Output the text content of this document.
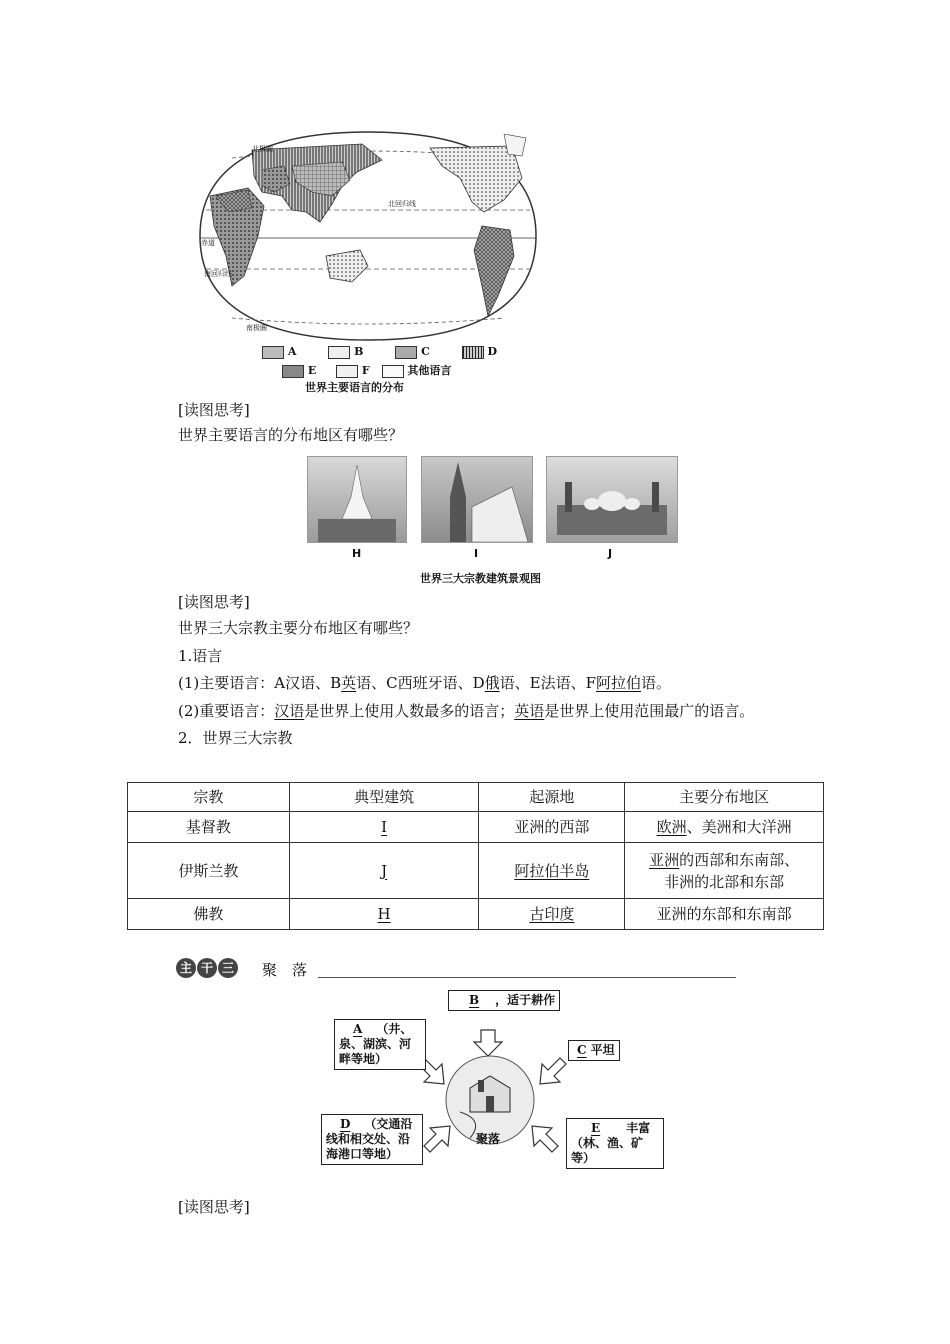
北极圈
北回归线
赤道
南回归线
南极圈
A	B	C	D
E	F	其他语言
世界主要语言的分布
[读图思考]
世界主要语言的分布地区有哪些？
H	I	J
世界三大宗教建筑景观图
[读图思考]
世界三大宗教主要分布地区有哪些？
1.语言
(1)主要语言：A汉语、B英语、C西班牙语、D俄语、E法语、F阿拉伯语。
(2)重要语言：汉语是世界上使用人数最多的语言；英语是世界上使用范围最广的语言。
2．世界三大宗教
宗教	典型建筑	起源地	主要分布地区
基督教	I	亚洲的西部	欧洲、美洲和大洋洲
伊斯兰教	J	阿拉伯半岛	亚洲的西部和东南部、
非洲的北部和东部
佛教	H	古印度	亚洲的东部和东南部
主 干 三 聚　落
聚落
B ，适于耕作
A （井、
泉、湖滨、河
畔等地）
C 平坦
D （交通沿
线和相交处、沿
海港口等地）
E 丰富
（林、渔、矿等）
[读图思考]
